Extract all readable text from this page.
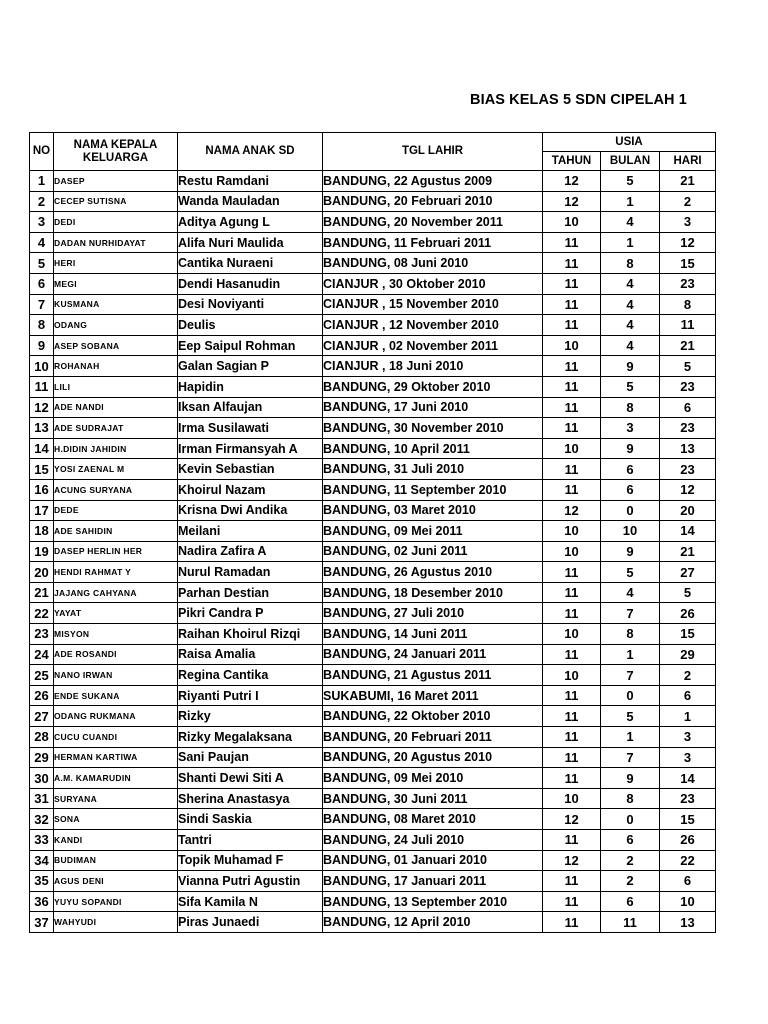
BIAS KELAS 5 SDN CIPELAH 1
NO	NAMA KEPALA KELUARGA	NAMA ANAK SD	TGL LAHIR	USIA		
				TAHUN	BULAN	HARI
1	DASEP	Restu Ramdani	BANDUNG, 22 Agustus 2009	12	5	21
2	CECEP SUTISNA	Wanda Mauladan	BANDUNG, 20 Februari 2010	12	1	2
3	DEDI	Aditya Agung L	BANDUNG, 20 November 2011	10	4	3
4	DADAN NURHIDAYAT	Alifa Nuri Maulida	BANDUNG, 11 Februari 2011	11	1	12
5	HERI	Cantika Nuraeni	BANDUNG, 08 Juni 2010	11	8	15
6	MEGI	Dendi Hasanudin	CIANJUR , 30 Oktober 2010	11	4	23
7	KUSMANA	Desi Noviyanti	CIANJUR , 15 November 2010	11	4	8
8	ODANG	Deulis	CIANJUR , 12 November 2010	11	4	11
9	ASEP SOBANA	Eep Saipul Rohman	CIANJUR , 02 November 2011	10	4	21
10	ROHANAH	Galan Sagian P	CIANJUR , 18 Juni 2010	11	9	5
11	LILI	Hapidin	BANDUNG, 29 Oktober 2010	11	5	23
12	ADE NANDI	Iksan Alfaujan	BANDUNG, 17 Juni 2010	11	8	6
13	ADE SUDRAJAT	Irma Susilawati	BANDUNG, 30 November 2010	11	3	23
14	H.DIDIN JAHIDIN	Irman Firmansyah A	BANDUNG, 10 April 2011	10	9	13
15	YOSI ZAENAL M	Kevin Sebastian	BANDUNG, 31 Juli 2010	11	6	23
16	ACUNG SURYANA	Khoirul Nazam	BANDUNG, 11 September 2010	11	6	12
17	DEDE	Krisna Dwi Andika	BANDUNG, 03 Maret 2010	12	0	20
18	ADE SAHIDIN	Meilani	BANDUNG, 09 Mei 2011	10	10	14
19	DASEP HERLIN HER	Nadira Zafira A	BANDUNG, 02 Juni 2011	10	9	21
20	HENDI RAHMAT Y	Nurul Ramadan	BANDUNG, 26 Agustus 2010	11	5	27
21	JAJANG CAHYANA	Parhan Destian	BANDUNG, 18 Desember 2010	11	4	5
22	YAYAT	Pikri Candra P	BANDUNG, 27 Juli 2010	11	7	26
23	MISYON	Raihan Khoirul Rizqi	BANDUNG, 14 Juni 2011	10	8	15
24	ADE ROSANDI	Raisa Amalia	BANDUNG, 24 Januari 2011	11	1	29
25	NANO IRWAN	Regina Cantika	BANDUNG, 21 Agustus 2011	10	7	2
26	ENDE SUKANA	Riyanti Putri I	SUKABUMI, 16 Maret 2011	11	0	6
27	ODANG RUKMANA	Rizky	BANDUNG, 22 Oktober 2010	11	5	1
28	CUCU CUANDI	Rizky Megalaksana	BANDUNG, 20 Februari 2011	11	1	3
29	HERMAN KARTIWA	Sani Paujan	BANDUNG, 20 Agustus 2010	11	7	3
30	A.M. KAMARUDIN	Shanti Dewi Siti A	BANDUNG, 09 Mei 2010	11	9	14
31	SURYANA	Sherina Anastasya	BANDUNG, 30 Juni 2011	10	8	23
32	SONA	Sindi Saskia	BANDUNG, 08 Maret 2010	12	0	15
33	KANDI	Tantri	BANDUNG, 24 Juli 2010	11	6	26
34	BUDIMAN	Topik Muhamad F	BANDUNG, 01 Januari 2010	12	2	22
35	AGUS DENI	Vianna Putri Agustin	BANDUNG, 17 Januari 2011	11	2	6
36	YUYU SOPANDI	Sifa Kamila N	BANDUNG, 13 September 2010	11	6	10
37	WAHYUDI	Piras Junaedi	BANDUNG, 12 April 2010	11	11	13
